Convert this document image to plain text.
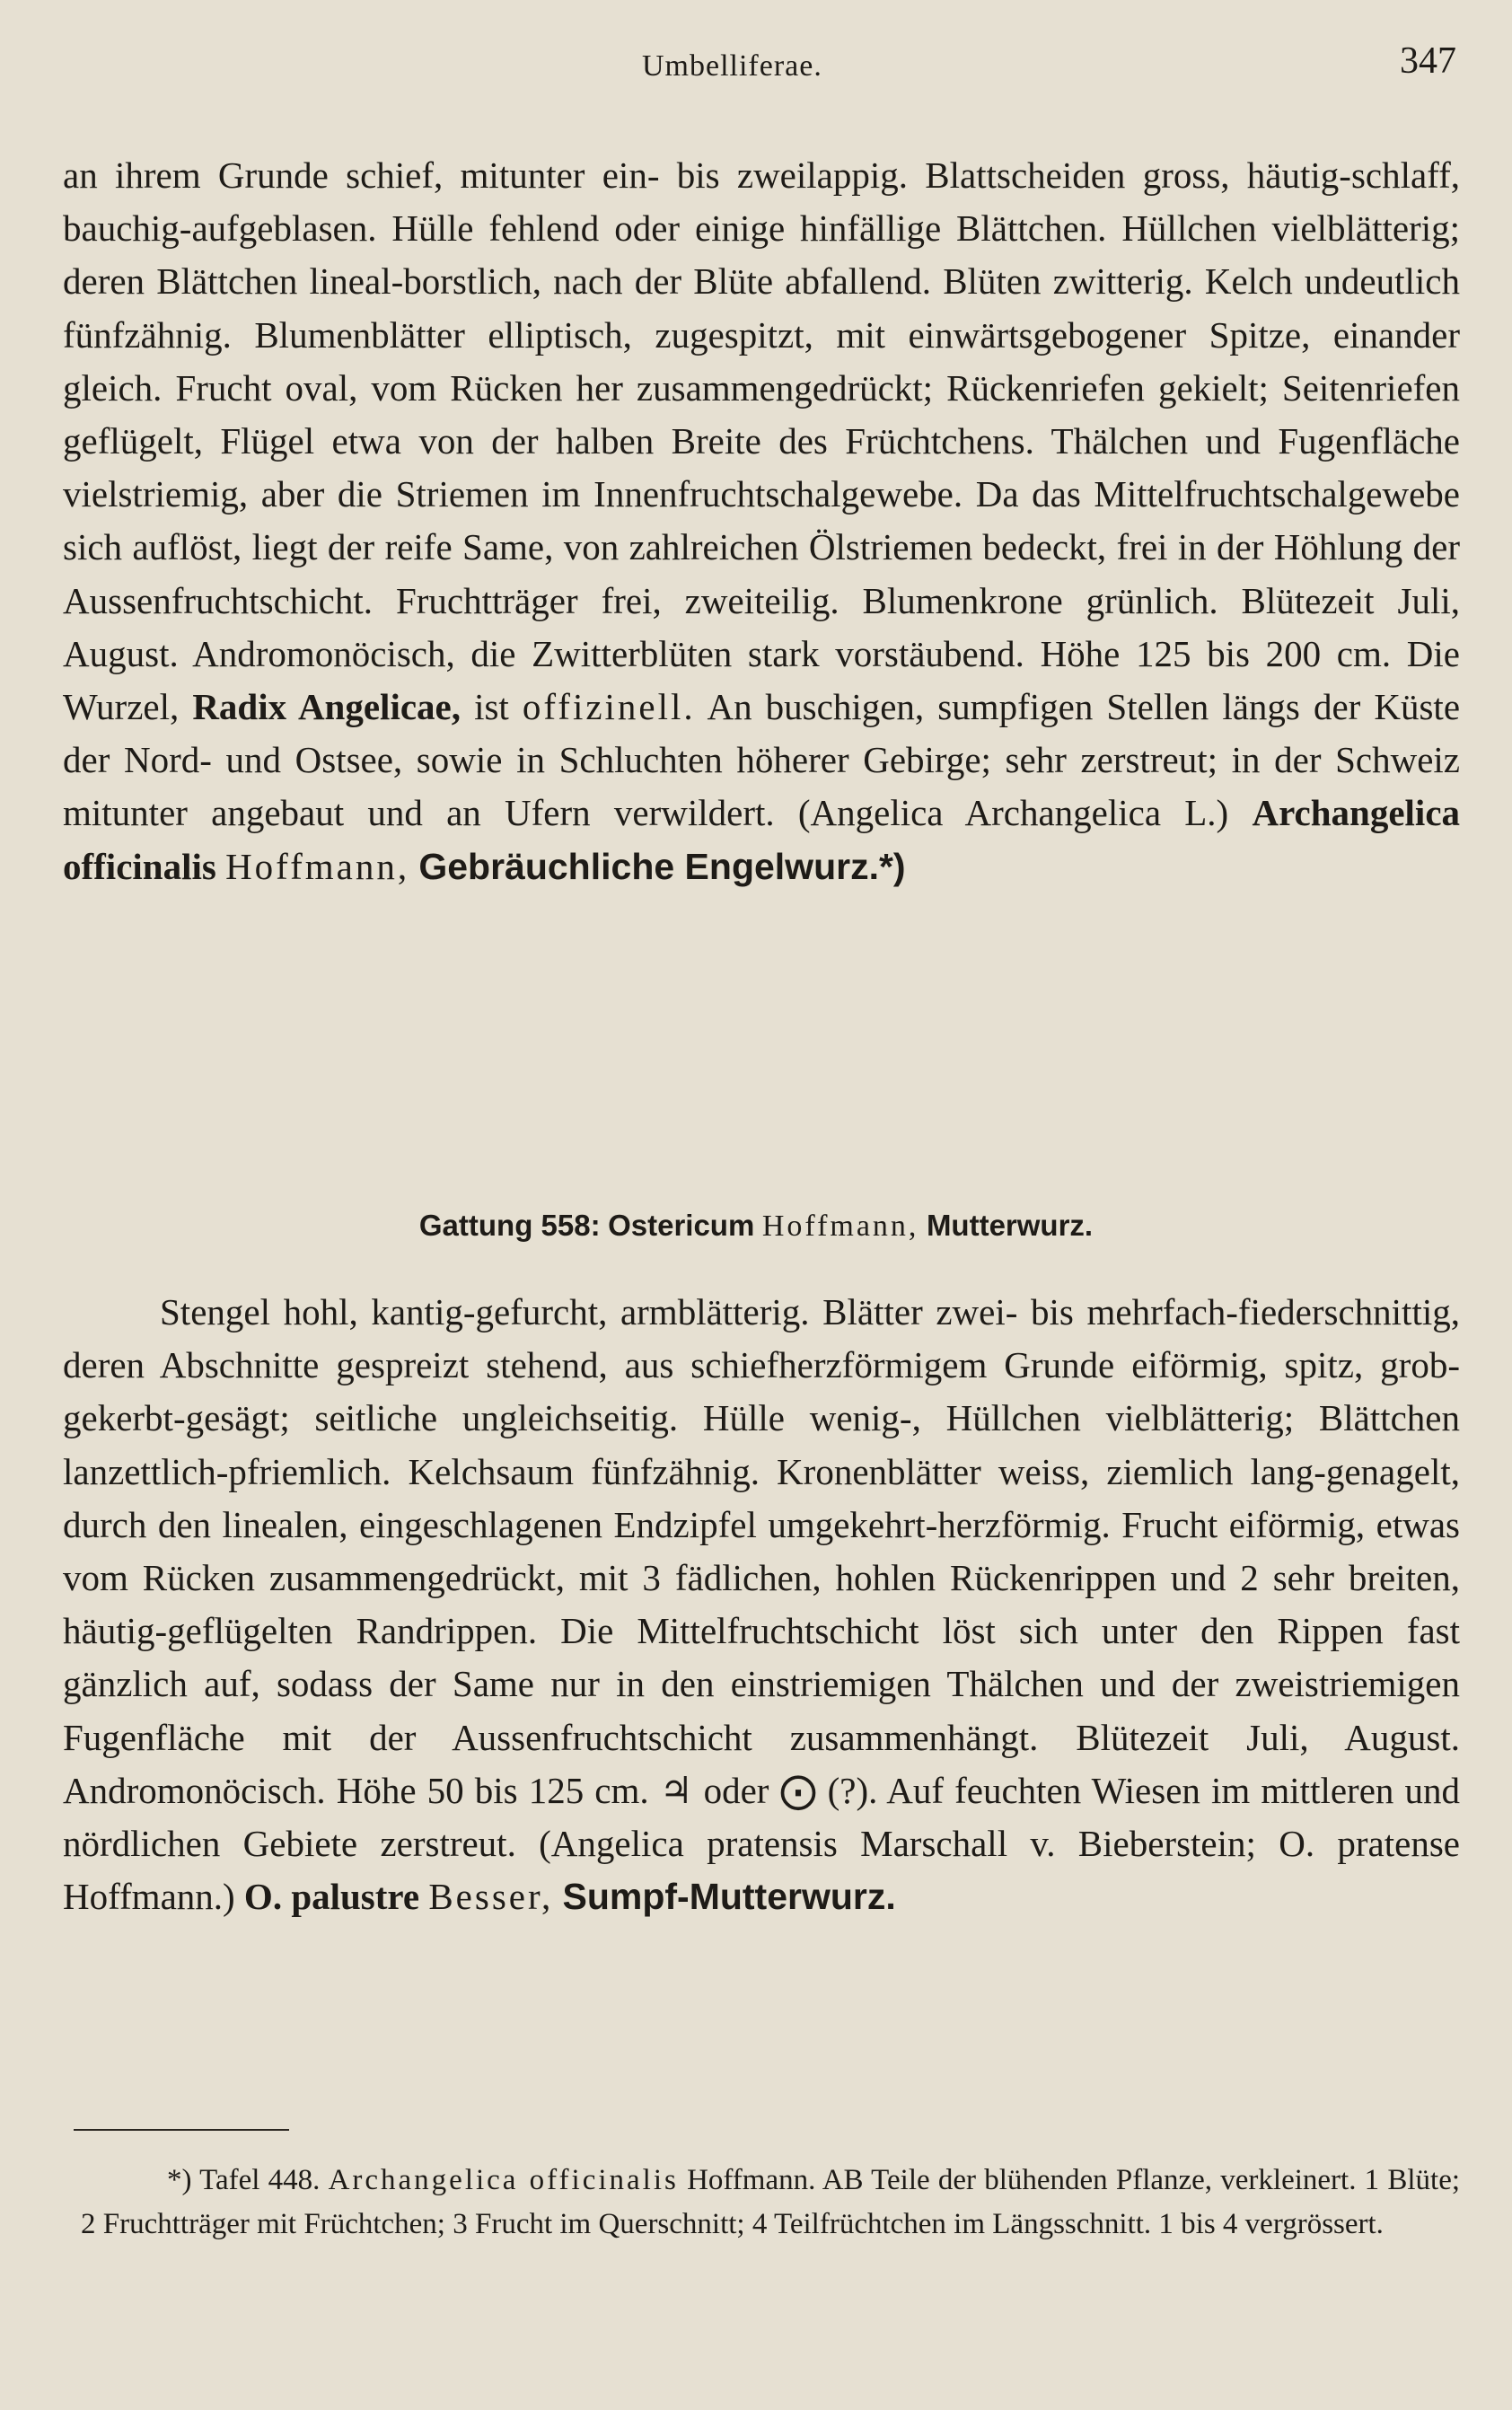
Umbelliferae.	347

an ihrem Grunde schief, mitunter ein- bis zweilappig. Blattscheiden gross, häutig-schlaff, bauchig-aufgeblasen. Hülle fehlend oder einige hinfällige Blättchen. Hüllchen vielblätterig; deren Blättchen lineal-borstlich, nach der Blüte abfallend. Blüten zwitterig. Kelch undeutlich fünfzähnig. Blumenblätter elliptisch, zugespitzt, mit einwärtsgebogener Spitze, einander gleich. Frucht oval, vom Rücken her zusammengedrückt; Rückenriefen gekielt; Seitenriefen geflügelt, Flügel etwa von der halben Breite des Früchtchens. Thälchen und Fugenfläche vielstriemig, aber die Striemen im Innenfruchtschalgewebe. Da das Mittelfruchtschalgewebe sich auflöst, liegt der reife Same, von zahlreichen Ölstriemen bedeckt, frei in der Höhlung der Aussenfruchtschicht. Fruchtträger frei, zweiteilig. Blumenkrone grünlich. Blütezeit Juli, August. Andromonöcisch, die Zwitterblüten stark vorstäubend. Höhe 125 bis 200 cm. Die Wurzel, Radix Angelicae, ist offizinell. An buschigen, sumpfigen Stellen längs der Küste der Nord- und Ostsee, sowie in Schluchten höherer Gebirge; sehr zerstreut; in der Schweiz mitunter angebaut und an Ufern verwildert. (Angelica Archangelica L.) Archangelica officinalis Hoffmann, Gebräuchliche Engelwurz.*)

Gattung 558: Ostericum Hoffmann, Mutterwurz.

Stengel hohl, kantig-gefurcht, armblätterig. Blätter zwei- bis mehrfach-fiederschnittig, deren Abschnitte gespreizt stehend, aus schiefherzförmigem Grunde eiförmig, spitz, grob-gekerbt-gesägt; seitliche ungleichseitig. Hülle wenig-, Hüllchen vielblätterig; Blättchen lanzettlich-pfriemlich. Kelchsaum fünfzähnig. Kronenblätter weiss, ziemlich lang-genagelt, durch den linealen, eingeschlagenen Endzipfel umgekehrt-herzförmig. Frucht eiförmig, etwas vom Rücken zusammengedrückt, mit 3 fädlichen, hohlen Rückenrippen und 2 sehr breiten, häutig-geflügelten Randrippen. Die Mittelfruchtschicht löst sich unter den Rippen fast gänzlich auf, sodass der Same nur in den einstriemigen Thälchen und der zweistriemigen Fugenfläche mit der Aussenfruchtschicht zusammenhängt. Blütezeit Juli, August. Andromonöcisch. Höhe 50 bis 125 cm. ♃ oder ⨀ (?). Auf feuchten Wiesen im mittleren und nördlichen Gebiete zerstreut. (Angelica pratensis Marschall v. Bieberstein; O. pratense Hoffmann.) O. palustre Besser, Sumpf-Mutterwurz.

*) Tafel 448. Archangelica officinalis Hoffmann. AB Teile der blühenden Pflanze, verkleinert. 1 Blüte; 2 Fruchtträger mit Früchtchen; 3 Frucht im Querschnitt; 4 Teilfrüchtchen im Längsschnitt. 1 bis 4 vergrössert.
